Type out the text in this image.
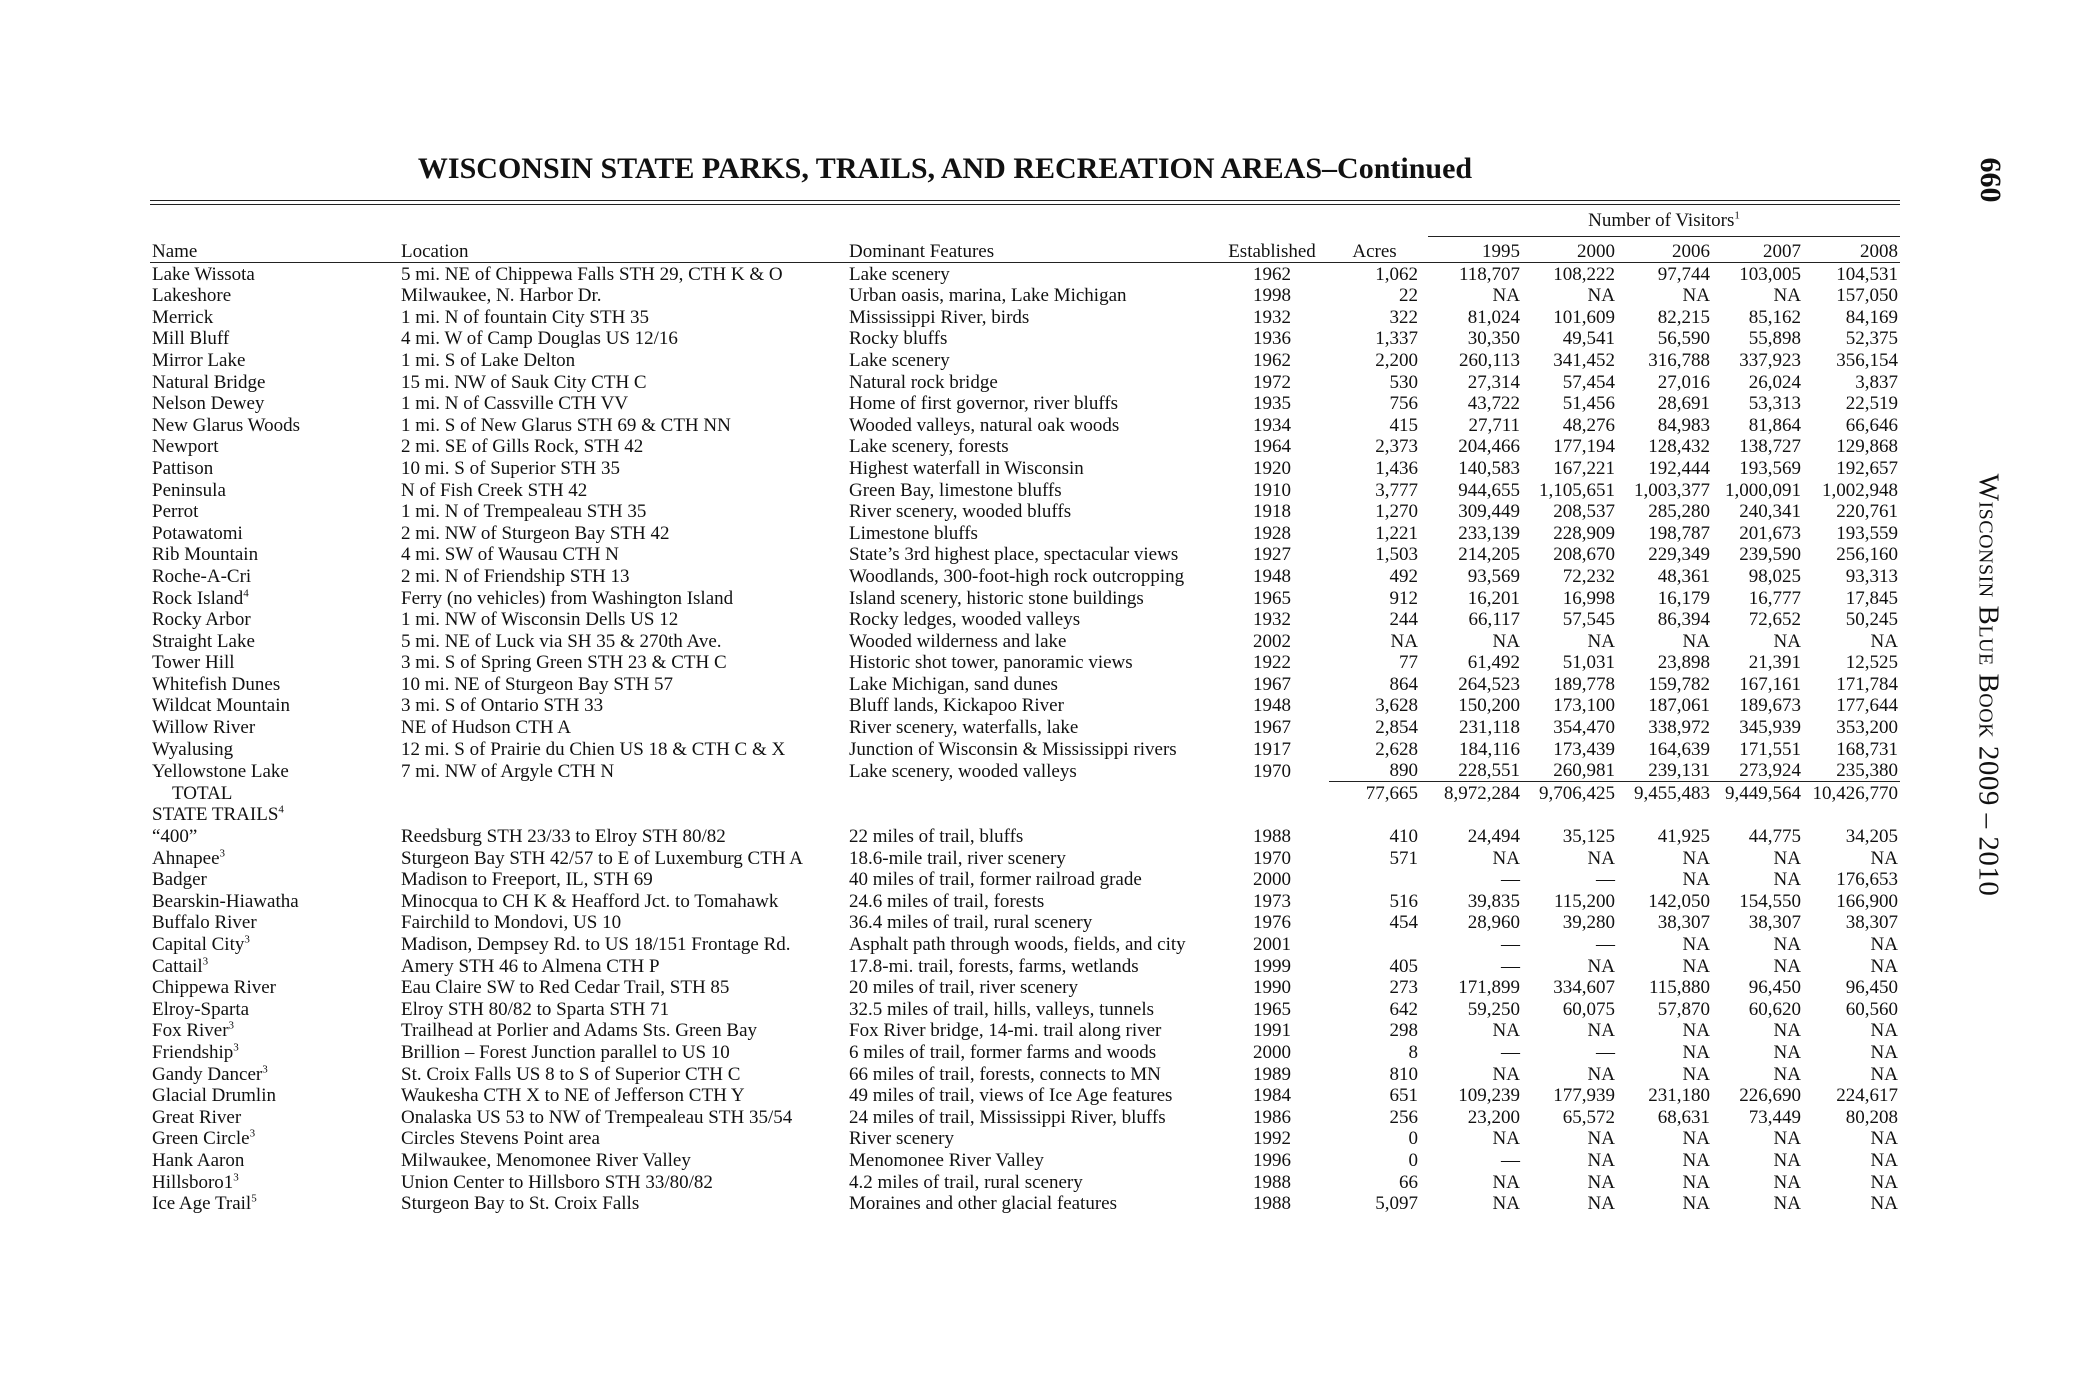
WISCONSIN STATE PARKS, TRAILS, AND RECREATION AREAS–Continued	660
Wisconsin Blue Book 2009 – 2010
Number of Visitors$^1$
Name	Location	Dominant Features	Established	Acres	1995	2000	2006	2007	2008

Lake Wissota	5 mi. NE of Chippewa Falls STH 29, CTH K & O	Lake scenery	1962	1,062	118,707	108,222	97,744	103,005	104,531

Lakeshore	Milwaukee, N. Harbor Dr.	Urban oasis, marina, Lake Michigan	1998	22	NA	NA	NA	NA	157,050

Merrick	1 mi. N of fountain City STH 35	Mississippi River, birds	1932	322	81,024	101,609	82,215	85,162	84,169

Mill Bluff	4 mi. W of Camp Douglas US 12/16	Rocky bluffs	1936	1,337	30,350	49,541	56,590	55,898	52,375

Mirror Lake	1 mi. S of Lake Delton	Lake scenery	1962	2,200	260,113	341,452	316,788	337,923	356,154

Natural Bridge	15 mi. NW of Sauk City CTH C	Natural rock bridge	1972	530	27,314	57,454	27,016	26,024	3,837

Nelson Dewey	1 mi. N of Cassville CTH VV	Home of first governor, river bluffs	1935	756	43,722	51,456	28,691	53,313	22,519

New Glarus Woods	1 mi. S of New Glarus STH 69 & CTH NN	Wooded valleys, natural oak woods	1934	415	27,711	48,276	84,983	81,864	66,646

Newport	2 mi. SE of Gills Rock, STH 42	Lake scenery, forests	1964	2,373	204,466	177,194	128,432	138,727	129,868

Pattison	10 mi. S of Superior STH 35	Highest waterfall in Wisconsin	1920	1,436	140,583	167,221	192,444	193,569	192,657

Peninsula	N of Fish Creek STH 42	Green Bay, limestone bluffs	1910	3,777	944,655	1,105,651	1,003,377	1,000,091	1,002,948

Perrot	1 mi. N of Trempealeau STH 35	River scenery, wooded bluffs	1918	1,270	309,449	208,537	285,280	240,341	220,761

Potawatomi	2 mi. NW of Sturgeon Bay STH 42	Limestone bluffs	1928	1,221	233,139	228,909	198,787	201,673	193,559

Rib Mountain	4 mi. SW of Wausau CTH N	State’s 3rd highest place, spectacular views	1927	1,503	214,205	208,670	229,349	239,590	256,160

Roche-A-Cri	2 mi. N of Friendship STH 13	Woodlands, 300-foot-high rock outcropping	1948	492	93,569	72,232	48,361	98,025	93,313

Rock Island$^4$	Ferry (no vehicles) from Washington Island	Island scenery, historic stone buildings	1965	912	16,201	16,998	16,179	16,777	17,845

Rocky Arbor	1 mi. NW of Wisconsin Dells US 12	Rocky ledges, wooded valleys	1932	244	66,117	57,545	86,394	72,652	50,245

Straight Lake	5 mi. NE of Luck via SH 35 & 270th Ave.	Wooded wilderness and lake	2002	NA	NA	NA	NA	NA	NA

Tower Hill	3 mi. S of Spring Green STH 23 & CTH C	Historic shot tower, panoramic views	1922	77	61,492	51,031	23,898	21,391	12,525

Whitefish Dunes	10 mi. NE of Sturgeon Bay STH 57	Lake Michigan, sand dunes	1967	864	264,523	189,778	159,782	167,161	171,784

Wildcat Mountain	3 mi. S of Ontario STH 33	Bluff lands, Kickapoo River	1948	3,628	150,200	173,100	187,061	189,673	177,644

Willow River	NE of Hudson CTH A	River scenery, waterfalls, lake	1967	2,854	231,118	354,470	338,972	345,939	353,200

Wyalusing	12 mi. S of Prairie du Chien US 18 & CTH C & X	Junction of Wisconsin & Mississippi rivers	1917	2,628	184,116	173,439	164,639	171,551	168,731

Yellowstone Lake	7 mi. NW of Argyle CTH N	Lake scenery, wooded valleys	1970	890	228,551	260,981	239,131	273,924	235,380

TOTAL				77,665	8,972,284	9,706,425	9,455,483	9,449,564	10,426,770
STATE TRAILS$^4$

“400”	Reedsburg STH 23/33 to Elroy STH 80/82	22 miles of trail, bluffs	1988	410	24,494	35,125	41,925	44,775	34,205

Ahnapee$^3$	Sturgeon Bay STH 42/57 to E of Luxemburg CTH A	18.6-mile trail, river scenery	1970	571	NA	NA	NA	NA	NA

Badger	Madison to Freeport, IL, STH 69	40 miles of trail, former railroad grade	2000		—	—	NA	NA	176,653

Bearskin-Hiawatha	Minocqua to CH K & Heafford Jct. to Tomahawk	24.6 miles of trail, forests	1973	516	39,835	115,200	142,050	154,550	166,900

Buffalo River	Fairchild to Mondovi, US 10	36.4 miles of trail, rural scenery	1976	454	28,960	39,280	38,307	38,307	38,307

Capital City$^3$	Madison, Dempsey Rd. to US 18/151 Frontage Rd.	Asphalt path through woods, fields, and city	2001		—	—	NA	NA	NA

Cattail$^3$	Amery STH 46 to Almena CTH P	17.8-mi. trail, forests, farms, wetlands	1999	405	—	NA	NA	NA	NA

Chippewa River	Eau Claire SW to Red Cedar Trail, STH 85	20 miles of trail, river scenery	1990	273	171,899	334,607	115,880	96,450	96,450

Elroy-Sparta	Elroy STH 80/82 to Sparta STH 71	32.5 miles of trail, hills, valleys, tunnels	1965	642	59,250	60,075	57,870	60,620	60,560

Fox River$^3$	Trailhead at Porlier and Adams Sts. Green Bay	Fox River bridge, 14-mi. trail along river	1991	298	NA	NA	NA	NA	NA

Friendship$^3$	Brillion – Forest Junction parallel to US 10	6 miles of trail, former farms and woods	2000	8	—	—	NA	NA	NA

Gandy Dancer$^3$	St. Croix Falls US 8 to S of Superior CTH C	66 miles of trail, forests, connects to MN	1989	810	NA	NA	NA	NA	NA

Glacial Drumlin	Waukesha CTH X to NE of Jefferson CTH Y	49 miles of trail, views of Ice Age features	1984	651	109,239	177,939	231,180	226,690	224,617

Great River	Onalaska US 53 to NW of Trempealeau STH 35/54	24 miles of trail, Mississippi River, bluffs	1986	256	23,200	65,572	68,631	73,449	80,208

Green Circle$^3$	Circles Stevens Point area	River scenery	1992	0	NA	NA	NA	NA	NA

Hank Aaron	Milwaukee, Menomonee River Valley	Menomonee River Valley	1996	0	—	NA	NA	NA	NA

$Hillsboro1^3$	Union Center to Hillsboro STH 33/80/82	4.2 miles of trail, rural scenery	1988	66	NA	NA	NA	NA	NA

Ice Age Trail$^5$	Sturgeon Bay to St. Croix Falls	Moraines and other glacial features	1988	5,097	NA	NA	NA	NA	NA
